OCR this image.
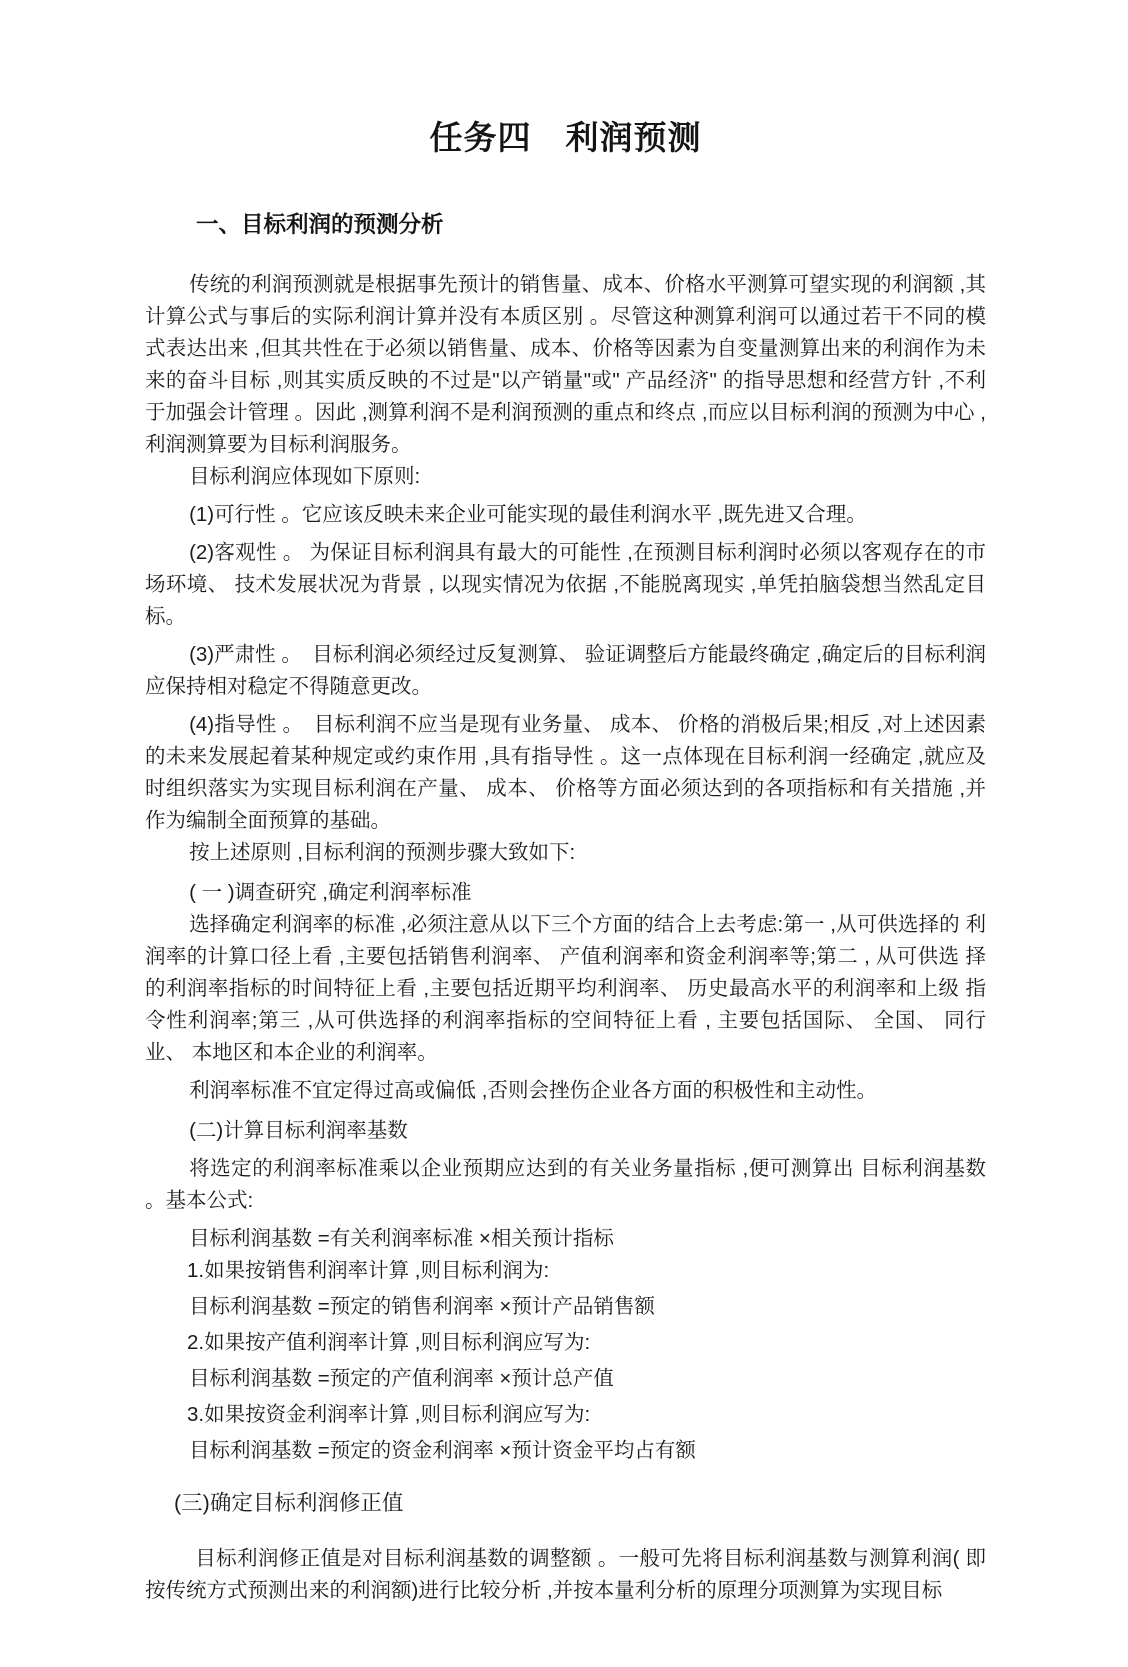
任务四　利润预测
一、目标利润的预测分析

传统的利润预测就是根据事先预计的销售量、成本、价格水平测算可望实现的利润额 ,其计算公式与事后的实际利润计算并没有本质区别 。尽管这种测算利润可以通过若干不同的模式表达出来 ,但其共性在于必须以销售量、成本、价格等因素为自变量测算出来的利润作为未来的奋斗目标 ,则其实质反映的不过是"以产销量"或" 产品经济" 的指导思想和经营方针 ,不利于加强会计管理 。因此 ,测算利润不是利润预测的重点和终点 ,而应以目标利润的预测为中心 ,利润测算要为目标利润服务。

目标利润应体现如下原则:

(1)可行性 。它应该反映未来企业可能实现的最佳利润水平 ,既先进又合理。

(2)客观性 。 为保证目标利润具有最大的可能性 ,在预测目标利润时必须以客观存在的市场环境、 技术发展状况为背景 , 以现实情况为依据 ,不能脱离现实 ,单凭拍脑袋想当然乱定目标。

(3)严肃性 。　目标利润必须经过反复测算、 验证调整后方能最终确定 ,确定后的目标利润应保持相对稳定不得随意更改。

(4)指导性 。　目标利润不应当是现有业务量、 成本、 价格的消极后果;相反 ,对上述因素的未来发展起着某种规定或约束作用 ,具有指导性 。这一点体现在目标利润一经确定 ,就应及时组织落实为实现目标利润在产量、 成本、 价格等方面必须达到的各项指标和有关措施 ,并作为编制全面预算的基础。

按上述原则 ,目标利润的预测步骤大致如下:

( 一 )调查研究 ,确定利润率标准

选择确定利润率的标准 ,必须注意从以下三个方面的结合上去考虑:第一 ,从可供选择的 利润率的计算口径上看 ,主要包括销售利润率、 产值利润率和资金利润率等;第二 , 从可供选 择的利润率指标的时间特征上看 ,主要包括近期平均利润率、 历史最高水平的利润率和上级 指令性利润率;第三 ,从可供选择的利润率指标的空间特征上看 , 主要包括国际、 全国、 同行 业、 本地区和本企业的利润率。

利润率标准不宜定得过高或偏低 ,否则会挫伤企业各方面的积极性和主动性。

(二)计算目标利润率基数

将选定的利润率标准乘以企业预期应达到的有关业务量指标 ,便可测算出 目标利润基数 。基本公式:

目标利润基数 =有关利润率标准 ×相关预计指标

1.如果按销售利润率计算 ,则目标利润为:

目标利润基数 =预定的销售利润率 ×预计产品销售额

2.如果按产值利润率计算 ,则目标利润应写为:

目标利润基数 =预定的产值利润率 ×预计总产值

3.如果按资金利润率计算 ,则目标利润应写为:

目标利润基数 =预定的资金利润率 ×预计资金平均占有额

(三)确定目标利润修正值

目标利润修正值是对目标利润基数的调整额 。一般可先将目标利润基数与测算利润( 即按传统方式预测出来的利润额)进行比较分析 ,并按本量利分析的原理分项测算为实现目标
